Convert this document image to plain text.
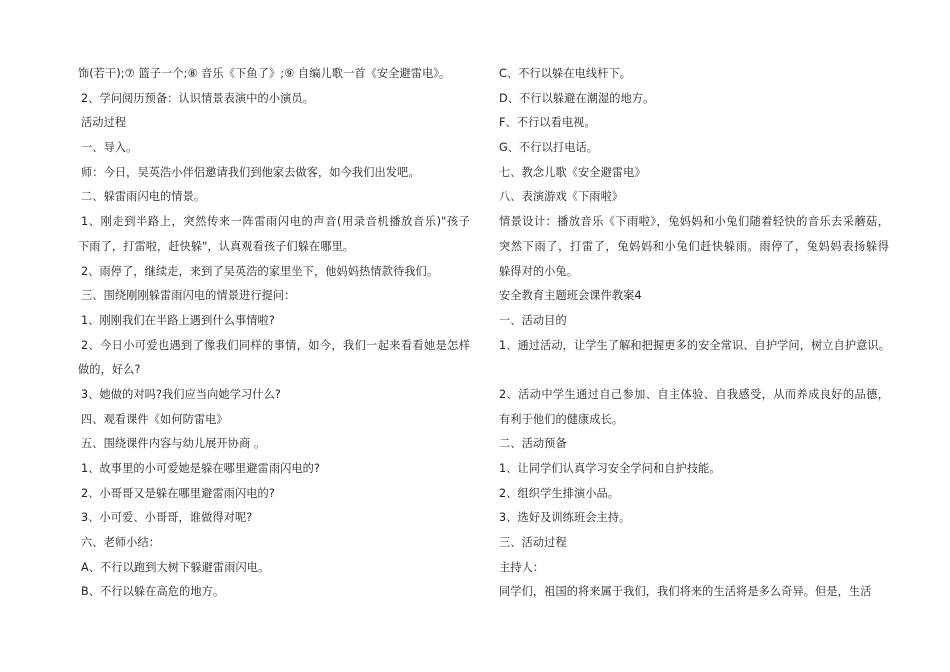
饰(若干);⑦ 篮子一个;⑧ 音乐《下鱼了》;⑨ 自编儿歌一首《安全避雷电》。
2、学问阅历预备：认识情景表演中的小演员。
活动过程
一、导入。
师：今日，吴英浩小伴侣邀请我们到他家去做客，如今我们出发吧。
二、躲雷雨闪电的情景。
1、刚走到半路上，突然传来一阵雷雨闪电的声音(用录音机播放音乐)"孩子
下雨了，打雷啦，赶快躲"，认真观看孩子们躲在哪里。
2、雨停了，继续走，来到了吴英浩的家里坐下，他妈妈热情款待我们。
三、围绕刚刚躲雷雨闪电的情景进行提问：
1、刚刚我们在半路上遇到什么事情啦?
2、今日小可爱也遇到了像我们同样的事情，如今，我们一起来看看她是怎样
做的，好么?
3、她做的对吗?我们应当向她学习什么?
四、观看课件《如何防雷电》
五、围绕课件内容与幼儿展开协商 。
1、故事里的小可爱她是躲在哪里避雷雨闪电的?
2、小哥哥又是躲在哪里避雷雨闪电的?
3、小可爱、小哥哥，谁做得对呢?
六、老师小结：
A、不行以跑到大树下躲避雷雨闪电。
B、不行以躲在高危的地方。
C、不行以躲在电线杆下。
D、不行以躲避在潮湿的地方。
F、不行以看电视。
G、不行以打电话。
七、教念儿歌《安全避雷电》
八、表演游戏《下雨啦》
情景设计：播放音乐《下雨啦》，兔妈妈和小兔们随着轻快的音乐去采蘑菇，
突然下雨了，打雷了，兔妈妈和小兔们赶快躲雨。雨停了，兔妈妈表扬躲得
躲得对的小兔。
安全教育主题班会课件教案4
一、活动目的
1、通过活动，让学生了解和把握更多的安全常识、自护学问，树立自护意识。
2、活动中学生通过自己参加、自主体验、自我感受，从而养成良好的品德，
有利于他们的健康成长。
二、活动预备
1、让同学们认真学习安全学问和自护技能。
2、组织学生排演小品。
3、选好及训练班会主持。
三、活动过程
主持人：
同学们，祖国的将来属于我们，我们将来的生活将是多么奇异。但是，生活
